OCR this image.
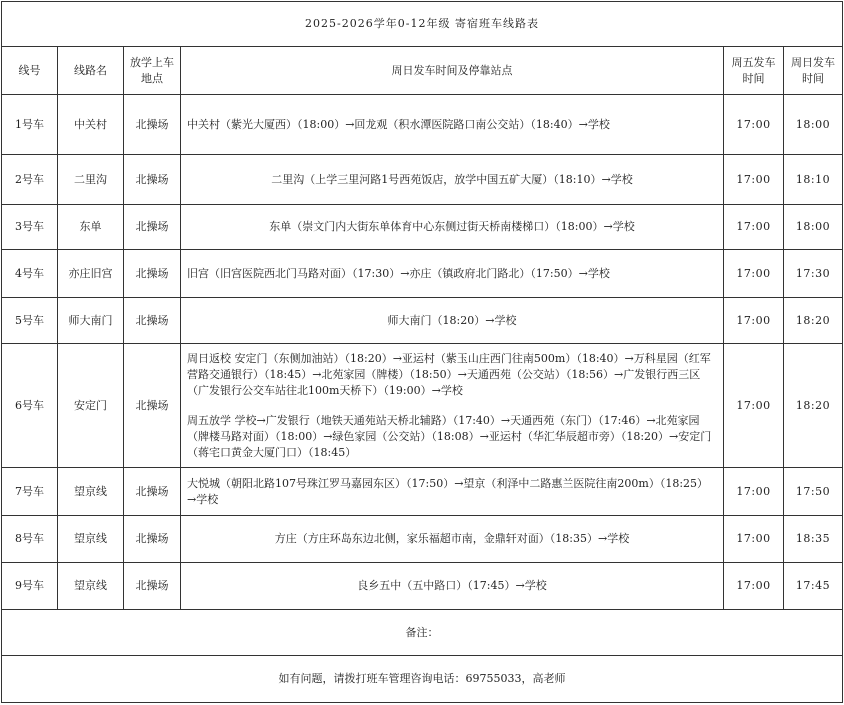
2025-2026学年0-12年级 寄宿班车线路表					
线号	线路名	放学上车地点	周日发车时间及停靠站点	周五发车时间	周日发车时间
1号车	中关村	北操场	中关村（紫光大厦西）（18:00）→回龙观（积水潭医院路口南公交站）（18:40）→学校	17:00	18:00
2号车	二里沟	北操场	二里沟（上学三里河路1号西苑饭店，放学中国五矿大厦）（18:10）→学校	17:00	18:10
3号车	东单	北操场	东单（崇文门内大街东单体育中心东侧过街天桥南楼梯口）（18:00）→学校	17:00	18:00
4号车	亦庄旧宫	北操场	旧宫（旧宫医院西北门马路对面）（17:30）→亦庄（镇政府北门路北）（17:50）→学校	17:00	17:30
5号车	师大南门	北操场	师大南门（18:20）→学校	17:00	18:20
6号车	安定门	北操场	周日返校 安定门（东侧加油站）（18:20）→亚运村（紫玉山庄西门往南500m）（18:40）→万科星园（红军营路交通银行）（18:45）→北苑家园（牌楼）（18:50）→天通西苑（公交站）（18:56）→广发银行西三区（广发银行公交车站往北100m天桥下）（19:00）→学校
周五放学 学校→广发银行（地铁天通苑站天桥北辅路）（17:40）→天通西苑（东门）（17:46）→北苑家园（牌楼马路对面）（18:00）→绿色家园（公交站）（18:08）→亚运村（华汇华辰超市旁）（18:20）→安定门（蒋宅口黄金大厦门口）（18:45）	17:00	18:20
7号车	望京线	北操场	大悦城（朝阳北路107号珠江罗马嘉园东区）（17:50）→望京（利泽中二路惠兰医院往南200m）（18:25）→学校	17:00	17:50
8号车	望京线	北操场	方庄（方庄环岛东边北侧，家乐福超市南，金鼎轩对面）（18:35）→学校	17:00	18:35
9号车	望京线	北操场	良乡五中（五中路口）（17:45）→学校	17:00	17:45
备注：					
如有问题，请拨打班车管理咨询电话：69755033，高老师					
